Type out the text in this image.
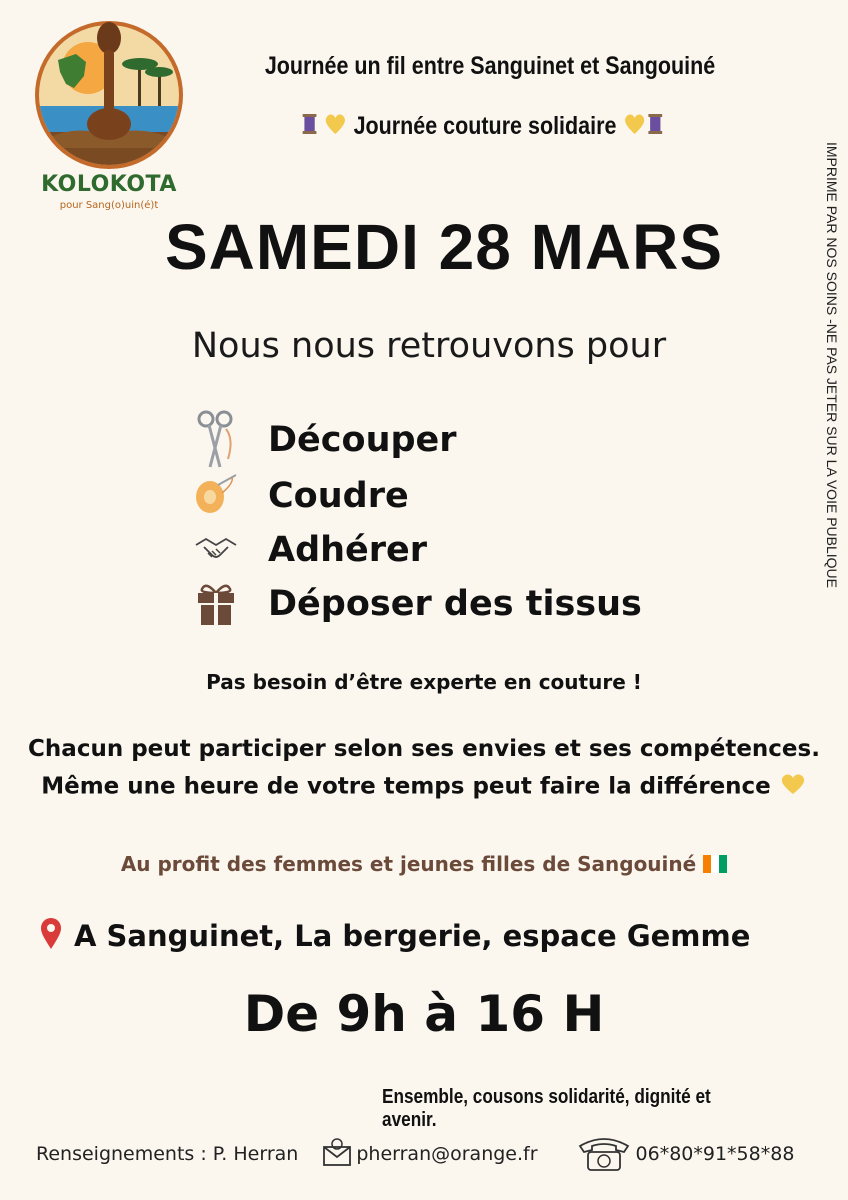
KOLOKOTA
pour Sang(o)uin(é)t
Journée un fil entre Sanguinet et Sangouiné
Journée couture solidaire
IMPRIME PAR NOS SOINS -NE PAS JETER SUR LA VOIE PUBLIQUE
SAMEDI 28 MARS
Nous nous retrouvons pour
Découper
Coudre
Adhérer
Déposer des tissus
Pas besoin d’être experte en couture !
Chacun peut participer selon ses envies et ses compétences.
Même une heure de votre temps peut faire la différence
Au profit des femmes et jeunes filles de Sangouiné
A Sanguinet, La bergerie, espace Gemme
De 9h à 16 H
Ensemble, cousons solidarité, dignité et avenir.
Renseignements : P. Herran	pherran@orange.fr	06*80*91*58*88
